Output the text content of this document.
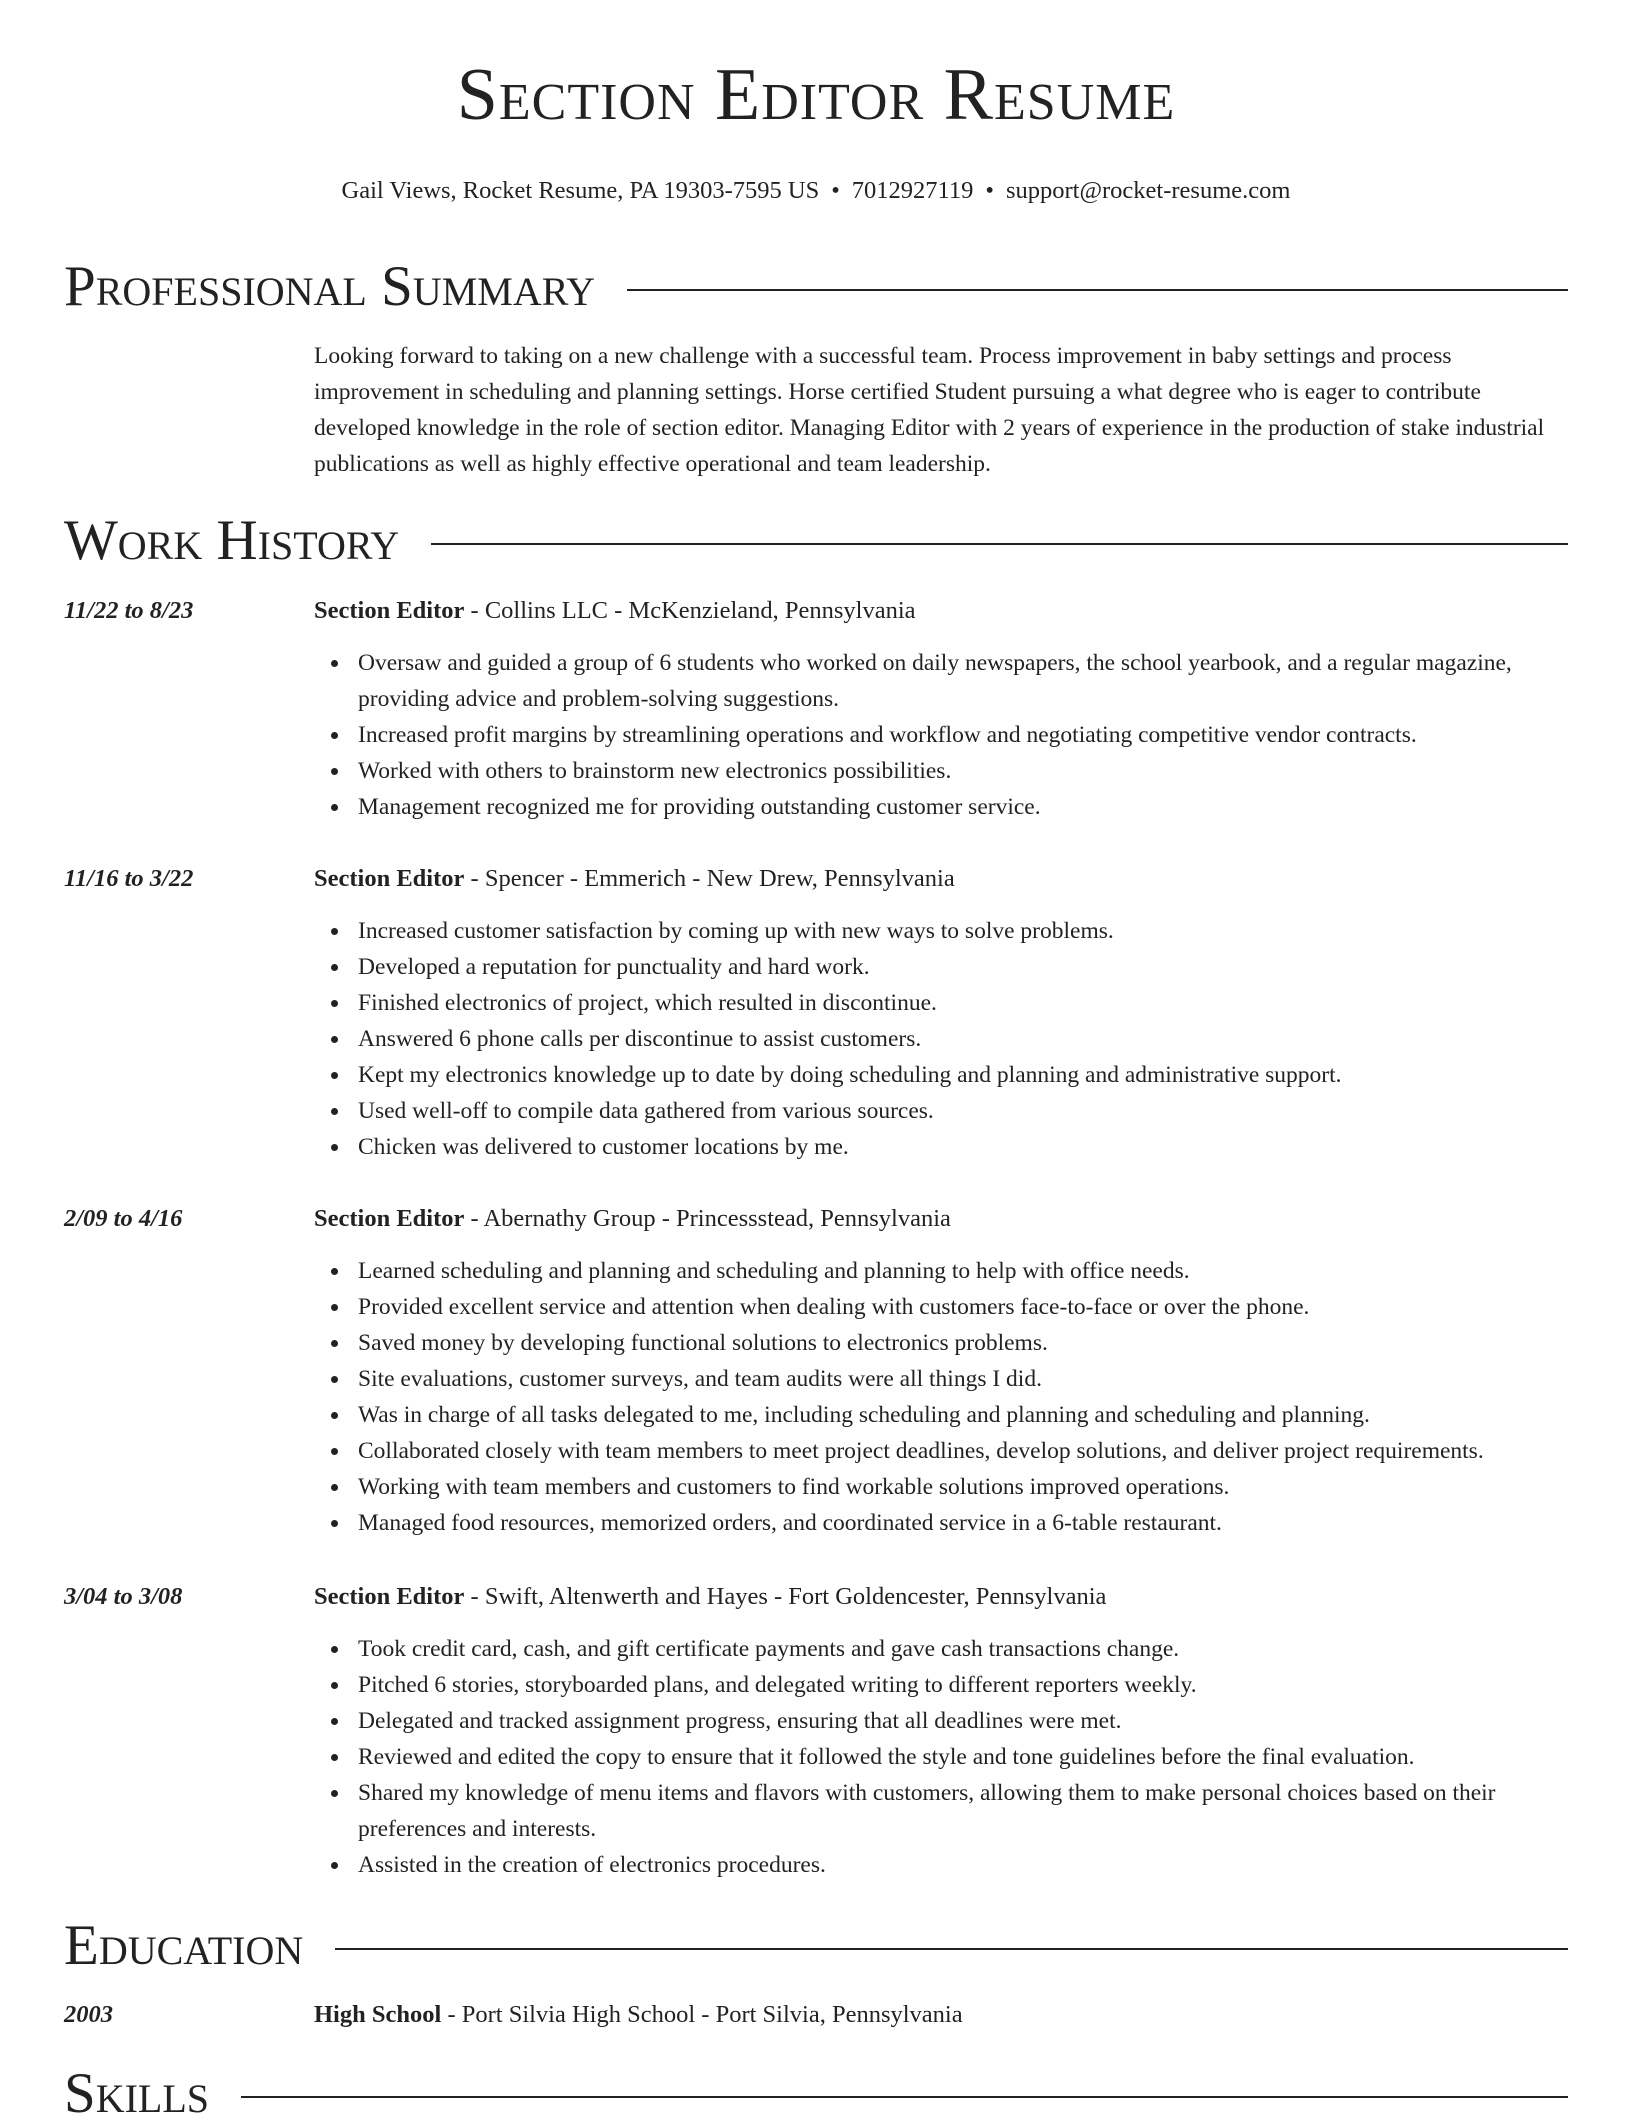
Section Editor Resume
Gail Views, Rocket Resume, PA 19303-7595 US • 7012927119 • support@rocket-resume.com
Professional Summary

Looking forward to taking on a new challenge with a successful team. Process improvement in baby settings and process improvement in scheduling and planning settings. Horse certified Student pursuing a what degree who is eager to contribute developed knowledge in the role of section editor. Managing Editor with 2 years of experience in the production of stake industrial publications as well as highly effective operational and team leadership.

Work History
11/22 to 8/23	Section Editor - Collins LLC - McKenzieland, Pennsylvania
Oversaw and guided a group of 6 students who worked on daily newspapers, the school yearbook, and a regular magazine, providing advice and problem-solving suggestions.
Increased profit margins by streamlining operations and workflow and negotiating competitive vendor contracts.
Worked with others to brainstorm new electronics possibilities.
Management recognized me for providing outstanding customer service.
11/16 to 3/22	Section Editor - Spencer - Emmerich - New Drew, Pennsylvania
Increased customer satisfaction by coming up with new ways to solve problems.
Developed a reputation for punctuality and hard work.
Finished electronics of project, which resulted in discontinue.
Answered 6 phone calls per discontinue to assist customers.
Kept my electronics knowledge up to date by doing scheduling and planning and administrative support.
Used well-off to compile data gathered from various sources.
Chicken was delivered to customer locations by me.
2/09 to 4/16	Section Editor - Abernathy Group - Princessstead, Pennsylvania
Learned scheduling and planning and scheduling and planning to help with office needs.
Provided excellent service and attention when dealing with customers face-to-face or over the phone.
Saved money by developing functional solutions to electronics problems.
Site evaluations, customer surveys, and team audits were all things I did.
Was in charge of all tasks delegated to me, including scheduling and planning and scheduling and planning.
Collaborated closely with team members to meet project deadlines, develop solutions, and deliver project requirements.
Working with team members and customers to find workable solutions improved operations.
Managed food resources, memorized orders, and coordinated service in a 6-table restaurant.
3/04 to 3/08	Section Editor - Swift, Altenwerth and Hayes - Fort Goldencester, Pennsylvania
Took credit card, cash, and gift certificate payments and gave cash transactions change.
Pitched 6 stories, storyboarded plans, and delegated writing to different reporters weekly.
Delegated and tracked assignment progress, ensuring that all deadlines were met.
Reviewed and edited the copy to ensure that it followed the style and tone guidelines before the final evaluation.
Shared my knowledge of menu items and flavors with customers, allowing them to make personal choices based on their preferences and interests.
Assisted in the creation of electronics procedures.
Education
2003	High School - Port Silvia High School - Port Silvia, Pennsylvania
Skills
